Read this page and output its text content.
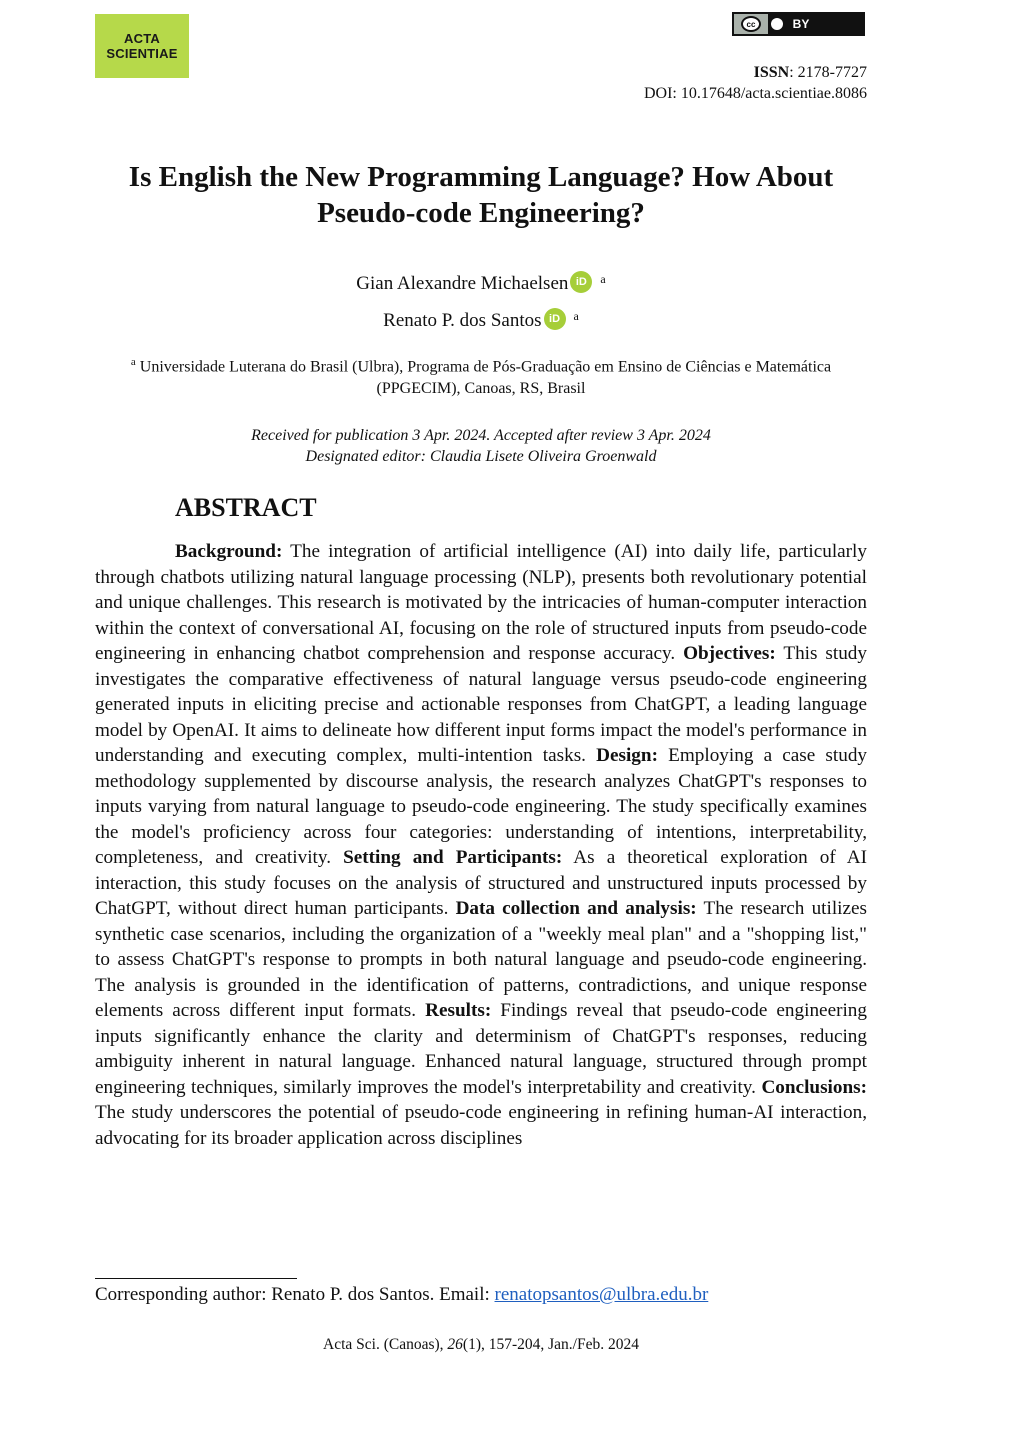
ACTA
SCIENTIAE
cc	BY
ISSN: 2178-7727
DOI: 10.17648/acta.scientiae.8086
Is English the New Programming Language? How About Pseudo-code Engineering?
Gian Alexandre Michaelsen iD $^a$
Renato P. dos Santos iD $^a$
$^a$ Universidade Luterana do Brasil (Ulbra), Programa de Pós-Graduação em Ensino de Ciências e Matemática (PPGECIM), Canoas, RS, Brasil
Received for publication 3 Apr. 2024. Accepted after review 3 Apr. 2024
Designated editor: Claudia Lisete Oliveira Groenwald
ABSTRACT
Background: The integration of artificial intelligence (AI) into daily life, particularly through chatbots utilizing natural language processing (NLP), presents both revolutionary potential and unique challenges. This research is motivated by the intricacies of human-computer interaction within the context of conversational AI, focusing on the role of structured inputs from pseudo-code engineering in enhancing chatbot comprehension and response accuracy. Objectives: This study investigates the comparative effectiveness of natural language versus pseudo-code engineering generated inputs in eliciting precise and actionable responses from ChatGPT, a leading language model by OpenAI. It aims to delineate how different input forms impact the model's performance in understanding and executing complex, multi-intention tasks. Design: Employing a case study methodology supplemented by discourse analysis, the research analyzes ChatGPT's responses to inputs varying from natural language to pseudo-code engineering. The study specifically examines the model's proficiency across four categories: understanding of intentions, interpretability, completeness, and creativity. Setting and Participants: As a theoretical exploration of AI interaction, this study focuses on the analysis of structured and unstructured inputs processed by ChatGPT, without direct human participants. Data collection and analysis: The research utilizes synthetic case scenarios, including the organization of a "weekly meal plan" and a "shopping list," to assess ChatGPT's response to prompts in both natural language and pseudo-code engineering. The analysis is grounded in the identification of patterns, contradictions, and unique response elements across different input formats. Results: Findings reveal that pseudo-code engineering inputs significantly enhance the clarity and determinism of ChatGPT's responses, reducing ambiguity inherent in natural language. Enhanced natural language, structured through prompt engineering techniques, similarly improves the model's interpretability and creativity. Conclusions: The study underscores the potential of pseudo-code engineering in refining human-AI interaction, advocating for its broader application across disciplines
Corresponding author: Renato P. dos Santos. Email: renatopsantos@ulbra.edu.br
Acta Sci. (Canoas), 26(1), 157-204, Jan./Feb. 2024
